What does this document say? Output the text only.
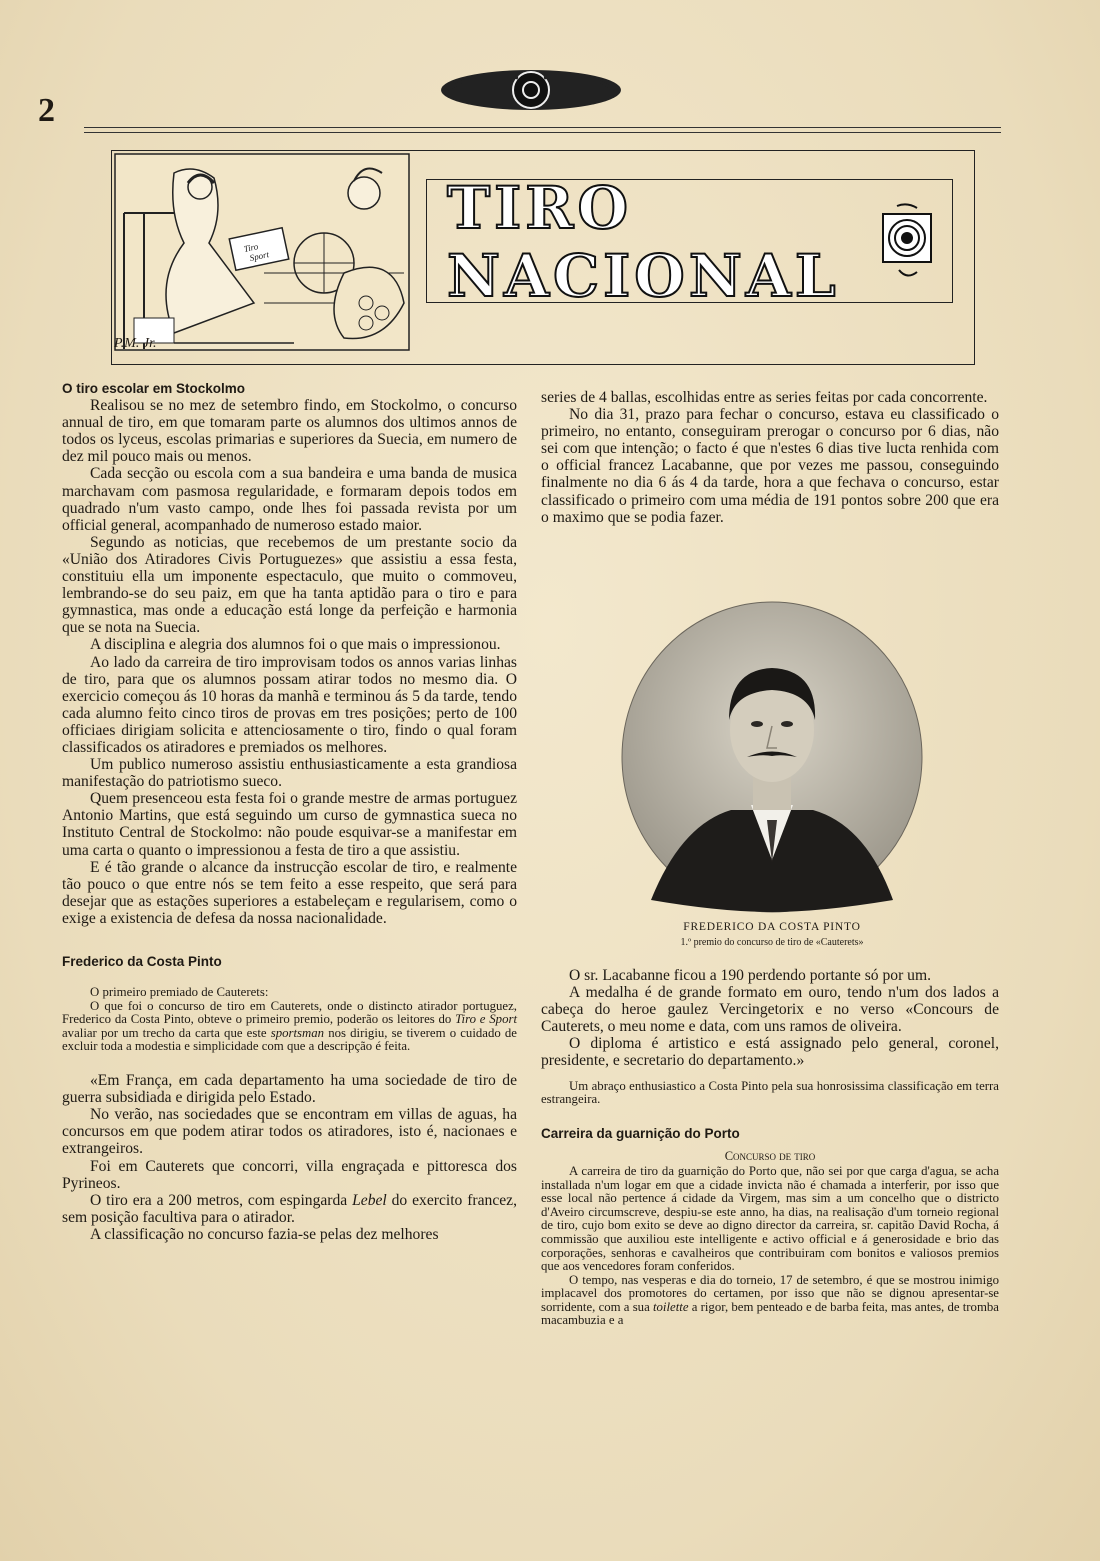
2
Tiro
Sport
P.M. Jr.
TIRO NACIONAL

O tiro escolar em Stockolmo

Realisou se no mez de setembro findo, em Stockolmo, o concurso annual de tiro, em que tomaram parte os alumnos dos ultimos annos de todos os lyceus, escolas primarias e superiores da Suecia, em numero de dez mil pouco mais ou menos.

Cada secção ou escola com a sua bandeira e uma banda de musica marchavam com pasmosa regularidade, e formaram depois todos em quadrado n'um vasto campo, onde lhes foi passada revista por um official general, acompanhado de numeroso estado maior.

Segundo as noticias, que recebemos de um prestante socio da «União dos Atiradores Civis Portuguezes» que assistiu a essa festa, constituiu ella um imponente espectaculo, que muito o commoveu, lembrando-se do seu paiz, em que ha tanta aptidão para o tiro e para gymnastica, mas onde a educação está longe da perfeição e harmonia que se nota na Suecia.

A disciplina e alegria dos alumnos foi o que mais o impressionou.

Ao lado da carreira de tiro improvisam todos os annos varias linhas de tiro, para que os alumnos possam atirar todos no mesmo dia. O exercicio começou ás 10 horas da manhã e terminou ás 5 da tarde, tendo cada alumno feito cinco tiros de provas em tres posições; perto de 100 officiaes dirigiam solicita e attenciosamente o tiro, findo o qual foram classificados os atiradores e premiados os melhores.

Um publico numeroso assistiu enthusiasticamente a esta grandiosa manifestação do patriotismo sueco.

Quem presenceou esta festa foi o grande mestre de armas portuguez Antonio Martins, que está seguindo um curso de gymnastica sueca no Instituto Central de Stockolmo: não poude esquivar-se a manifestar em uma carta o quanto o impressionou a festa de tiro a que assistiu.

E é tão grande o alcance da instrucção escolar de tiro, e realmente tão pouco o que entre nós se tem feito a esse respeito, que será para desejar que as estações superiores a estabeleçam e regularisem, como o exige a existencia de defesa da nossa nacionalidade.

Frederico da Costa Pinto

O primeiro premiado de Cauterets:

O que foi o concurso de tiro em Cauterets, onde o distincto atirador portuguez, Frederico da Costa Pinto, obteve o primeiro premio, poderão os leitores do Tiro e Sport avaliar por um trecho da carta que este sportsman nos dirigiu, se tiverem o cuidado de excluir toda a modestia e simplicidade com que a descripção é feita.

«Em França, em cada departamento ha uma sociedade de tiro de guerra subsidiada e dirigida pelo Estado.

No verão, nas sociedades que se encontram em villas de aguas, ha concursos em que podem atirar todos os atiradores, isto é, nacionaes e extrangeiros.

Foi em Cauterets que concorri, villa engraçada e pittoresca dos Pyrineos.

O tiro era a 200 metros, com espingarda Lebel do exercito francez, sem posição facultiva para o atirador.

A classificação no concurso fazia-se pelas dez melhores

series de 4 ballas, escolhidas entre as series feitas por cada concorrente.

No dia 31, prazo para fechar o concurso, estava eu classificado o primeiro, no entanto, conseguiram prerogar o concurso por 6 dias, não sei com que intenção; o facto é que n'estes 6 dias tive lucta renhida com o official francez Lacabanne, que por vezes me passou, conseguindo finalmente no dia 6 ás 4 da tarde, hora a que fechava o concurso, estar classificado o primeiro com uma média de 191 pontos sobre 200 que era o maximo que se podia fazer.

FREDERICO DA COSTA PINTO
1.º premio do concurso de tiro de «Cauterets»

O sr. Lacabanne ficou a 190 perdendo portante só por um.

A medalha é de grande formato em ouro, tendo n'um dos lados a cabeça do heroe gaulez Vercingetorix e no verso «Concours de Cauterets, o meu nome e data, com uns ramos de oliveira.

O diploma é artistico e está assignado pelo general, coronel, presidente, e secretario do departamento.»

Um abraço enthusiastico a Costa Pinto pela sua honrosissima classificação em terra estrangeira.

Carreira da guarnição do Porto

Concurso de tiro

A carreira de tiro da guarnição do Porto que, não sei por que carga d'agua, se acha installada n'um logar em que a cidade invicta não é chamada a interferir, por isso que esse local não pertence á cidade da Virgem, mas sim a um concelho que o districto d'Aveiro circumscreve, despiu-se este anno, ha dias, na realisação d'um torneio regional de tiro, cujo bom exito se deve ao digno director da carreira, sr. capitão David Rocha, á commissão que auxiliou este intelligente e activo official e á generosidade e brio das corporações, senhoras e cavalheiros que contribuiram com bonitos e valiosos premios que aos vencedores foram conferidos.

O tempo, nas vesperas e dia do torneio, 17 de setembro, é que se mostrou inimigo implacavel dos promotores do certamen, por isso que não se dignou apresentar-se sorridente, com a sua toilette a rigor, bem penteado e de barba feita, mas antes, de tromba macambuzia e a
